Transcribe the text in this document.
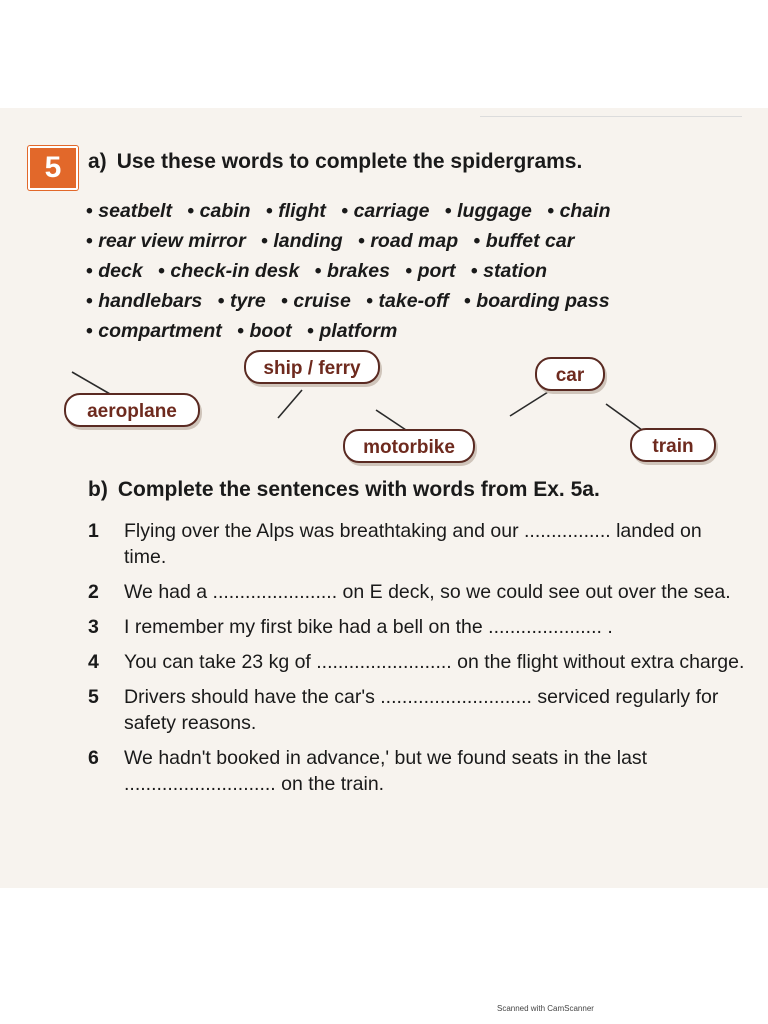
5	a) Use these words to complete the spidergrams.
• seatbelt • cabin • flight • carriage • luggage • chain
• rear view mirror • landing • road map • buffet car
• deck • check-in desk • brakes • port • station
• handlebars • tyre • cruise • take-off • boarding pass
• compartment • boot • platform
ship / ferry	car
aeroplane
motorbike	train
b) Complete the sentences with words from Ex. 5a.
1 Flying over the Alps was breathtaking and our ................ landed on time.
2 We had a ....................... on E deck, so we could see out over the sea.
3 I remember my first bike had a bell on the ..................... .
4 You can take 23 kg of ......................... on the flight without extra charge.
5 Drivers should have the car's ............................ serviced regularly for safety reasons.
6 We hadn't booked in advance,' but we found seats in the last ............................ on the train.
Scanned with CamScanner
